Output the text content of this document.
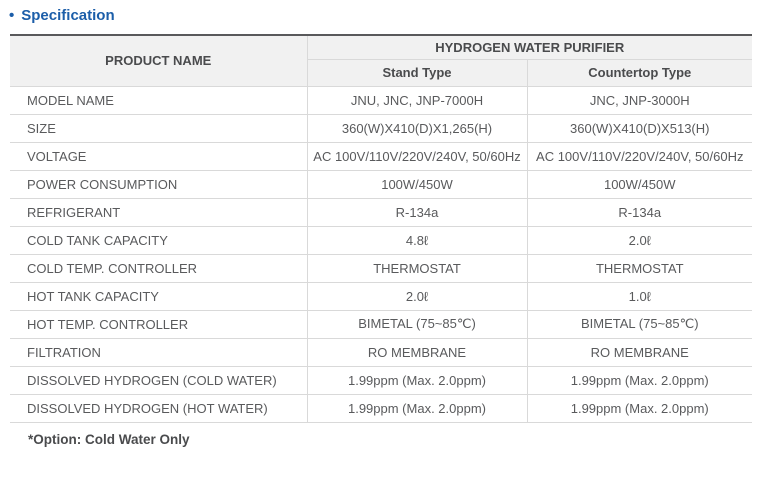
• Specification
PRODUCT NAME	HYDROGEN WATER PURIFIER	
	Stand Type	Countertop Type
MODEL NAME	JNU, JNC, JNP-7000H	JNC, JNP-3000H
SIZE	360(W)X410(D)X1,265(H)	360(W)X410(D)X513(H)
VOLTAGE	AC 100V/110V/220V/240V, 50/60Hz	AC 100V/110V/220V/240V, 50/60Hz
POWER CONSUMPTION	100W/450W	100W/450W
REFRIGERANT	R-134a	R-134a
COLD TANK CAPACITY	4.8ℓ	2.0ℓ
COLD TEMP. CONTROLLER	THERMOSTAT	THERMOSTAT
HOT TANK CAPACITY	2.0ℓ	1.0ℓ
HOT TEMP. CONTROLLER	BIMETAL (75~85℃)	BIMETAL (75~85℃)
FILTRATION	RO MEMBRANE	RO MEMBRANE
DISSOLVED HYDROGEN (COLD WATER)	1.99ppm (Max. 2.0ppm)	1.99ppm (Max. 2.0ppm)
DISSOLVED HYDROGEN (HOT WATER)	1.99ppm (Max. 2.0ppm)	1.99ppm (Max. 2.0ppm)
*Option: Cold Water Only
